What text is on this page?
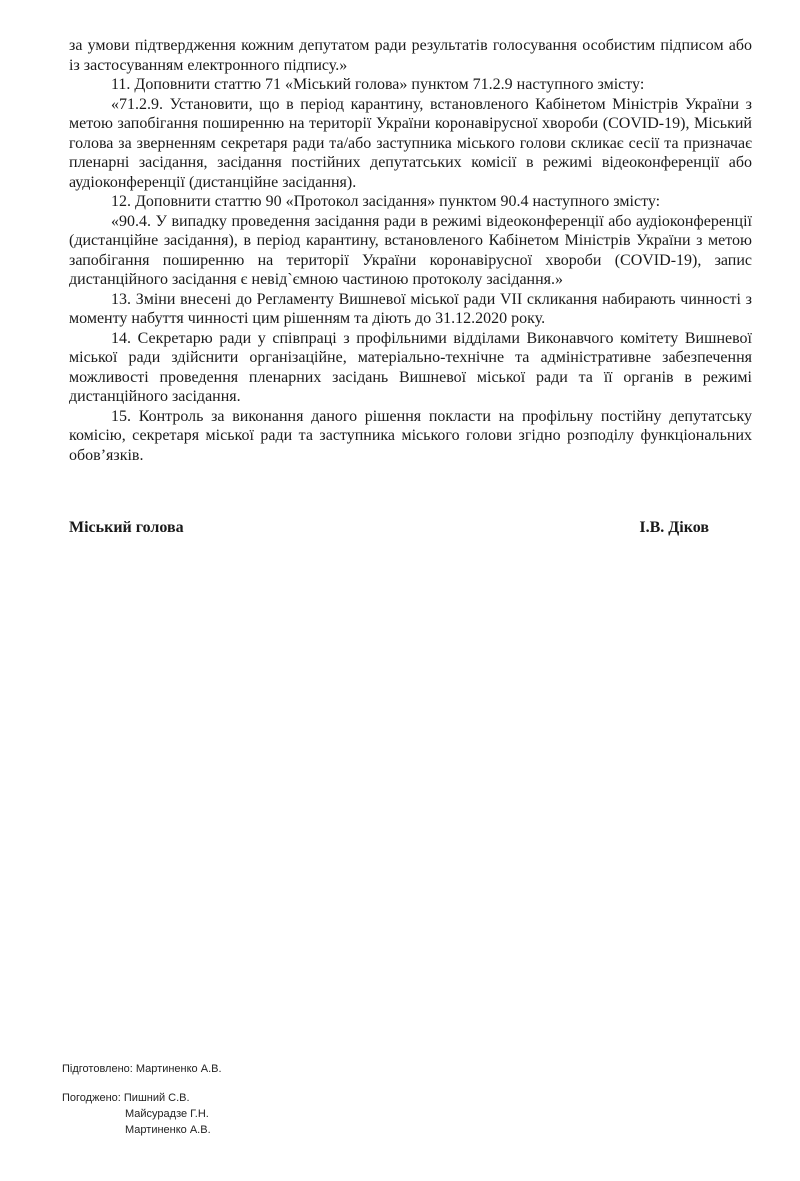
за умови підтвердження кожним депутатом ради результатів голосування особистим підписом або із застосуванням електронного підпису.»

11. Доповнити статтю 71 «Міський голова» пунктом 71.2.9 наступного змісту:

«71.2.9. Установити, що в період карантину, встановленого Кабінетом Міністрів України з метою запобігання поширенню на території України коронавірусної хвороби (COVID-19), Міський голова за зверненням секретаря ради та/або заступника міського голови скликає сесії та призначає пленарні засідання, засідання постійних депутатських комісії в режимі відеоконференції або аудіоконференції (дистанційне засідання).

12. Доповнити статтю 90 «Протокол засідання» пунктом 90.4 наступного змісту:

«90.4. У випадку проведення засідання ради в режимі відеоконференції або аудіоконференції (дистанційне засідання), в період карантину, встановленого Кабінетом Міністрів України з метою запобігання поширенню на території України коронавірусної хвороби (COVID-19), запис дистанційного засідання є невід`ємною частиною протоколу засідання.»

13. Зміни внесені до Регламенту Вишневої міської ради VII скликання набирають чинності з моменту набуття чинності цим рішенням та діють до 31.12.2020 року.

14. Секретарю ради у співпраці з профільними відділами Виконавчого комітету Вишневої міської ради здійснити організаційне, матеріально-технічне та адміністративне забезпечення можливості проведення пленарних засідань Вишневої міської ради та її органів в режимі дистанційного засідання.

15. Контроль за виконання даного рішення покласти на профільну постійну депутатську комісію, секретаря міської ради та заступника міського голови згідно розподілу функціональних обов’язків.

Міський голова	І.В. Діков
Підготовлено: Мартиненко А.В.
Погоджено: Пишний С.В.
Майсурадзе Г.Н.
Мартиненко А.В.
